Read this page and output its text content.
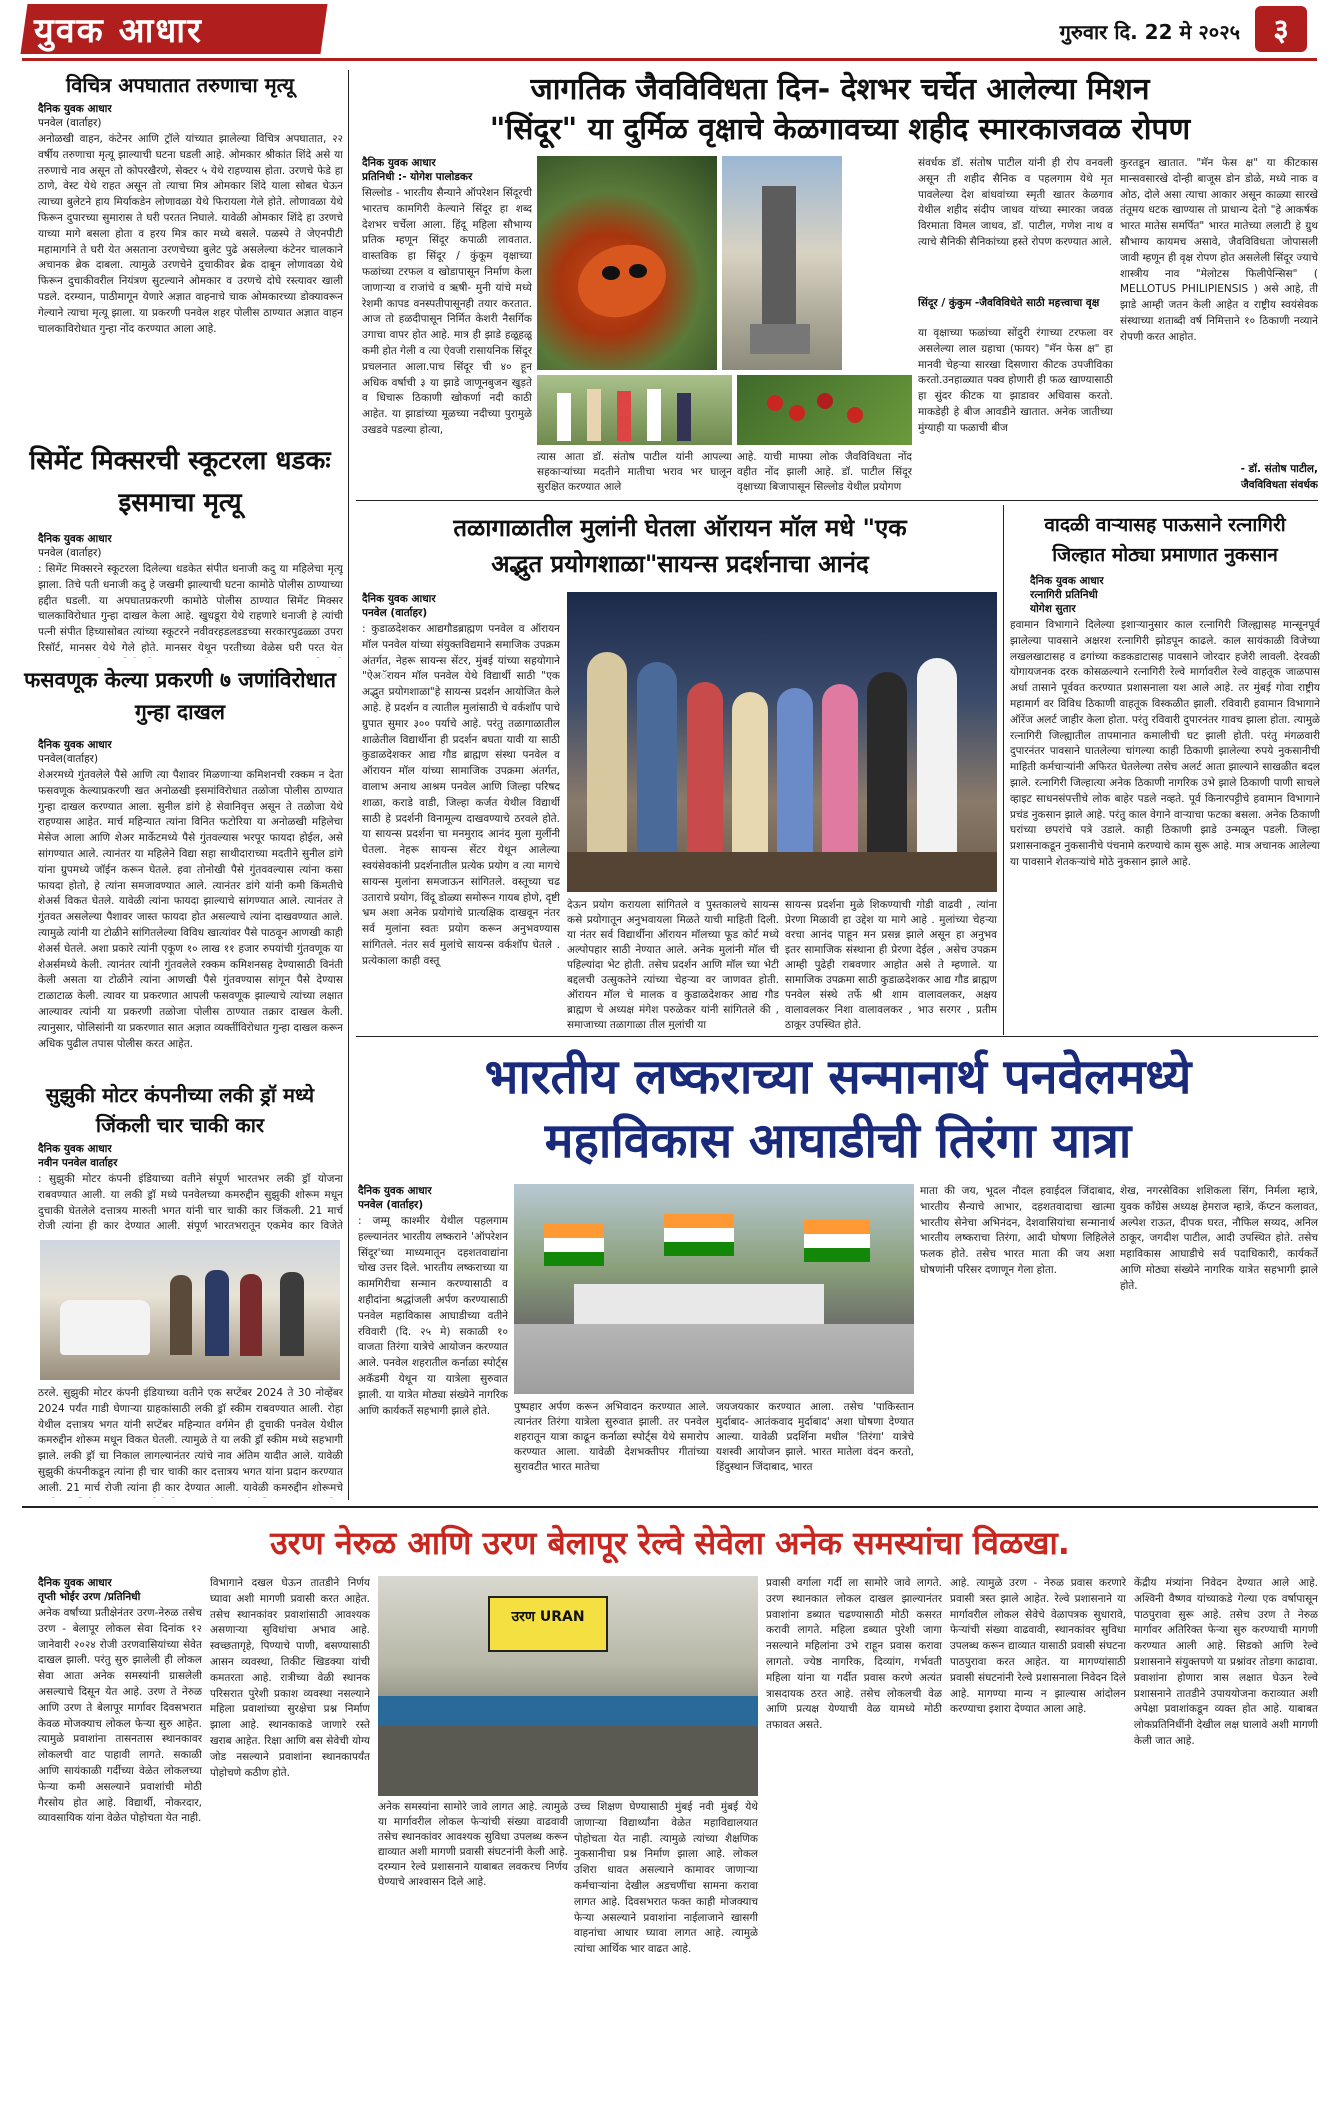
युवक आधार	गुरुवार दि. 22 मे २०२५	३
विचित्र अपघातात तरुणाचा मृत्यू
दैनिक युवक आधार
पनवेल (वार्ताहर)
अनोळखी वाहन, कंटेनर आणि ट्रॉले यांच्यात झालेल्या विचित्र अपघातात, २२ वर्षीय तरुणाचा मृत्यू झाल्याची घटना घडली आहे. ओमकार श्रीकांत शिंदे असे या तरुणाचे नाव असून तो कोपरखैरणे, सेक्टर ५ येथे राहण्यास होता. उरणचे फेडे हा ठाणे, वेस्ट येथे राहत असून तो त्याचा मित्र ओमकार शिंदे याला सोबत घेऊन त्याच्या बुलेटने हाय मिर्याकडेन लोणावळा येथे फिरायला गेले होते. लोणावळा येथे फिरून दुपारच्या सुमारास ते घरी परतत निघाले. यावेळी ओमकार शिंदे हा उरणचे याच्या मागे बसला होता व हरय मित्र कार मध्ये बसले. पळस्पे ते जेएनपीटी महामार्गाने ते घरी येत असताना उरणचेच्या बुलेट पुढे असलेल्या कंटेनर चालकाने अचानक ब्रेक दाबला. त्यामुळे उरणचेने दुचाकीवर ब्रेक दाबून लोणावळा येथे फिरून दुचाकीवरील नियंत्रण सुटल्याने ओमकार व उरणचे दोघे रस्त्यावर खाली पडले. दरम्यान, पाठीमागून येणारे अज्ञात वाहनाचे चाक ओमकारच्या डोक्यावरून गेल्याने त्याचा मृत्यू झाला. या प्रकरणी पनवेल शहर पोलीस ठाण्यात अज्ञात वाहन चालकाविरोधात गुन्हा नोंद करण्यात आला आहे.
सिमेंट मिक्सरची स्कूटरला धडकः इसमाचा मृत्यू
दैनिक युवक आधार
पनवेल (वार्ताहर)
: सिमेंट मिक्सरने स्कूटरला दिलेल्या धडकेत संपीत धनाजी कदु या महिलेचा मृत्यू झाला. तिचे पती धनाजी कदु हे जखमी झाल्याची घटना कामोठे पोलीस ठाण्याच्या हद्दीत घडली. या अपघातप्रकरणी कामोठे पोलीस ठाण्यात सिमेंट मिक्सर चालकाविरोधात गुन्हा दाखल केला आहे. खुधडूरा येथे राहणारे धनाजी हे त्यांची पत्नी संपीत हिच्यासोबत त्यांच्या स्कूटरने नवीवरहडलडडच्या सरकारपुढळ्ळा उपरा रिसॉर्ट, मानसर येथे गेले होते. मानसर येथून परतीच्या वेळेस घरी परत येत
फसवणूक केल्या प्रकरणी ७ जणांविरोधात गुन्हा दाखल
दैनिक युवक आधार
पनवेल(वार्ताहर)
शेअरमध्ये गुंतवलेले पैसे आणि त्या पैशावर मिळणाऱ्या कमिशनची रक्कम न देता फसवणूक केल्याप्रकरणी खत अनोळखी इसमांविरोधात तळोजा पोलीस ठाण्यात गुन्हा दाखल करण्यात आला. सुनील डांगे हे सेवानिवृत्त असून ते तळोजा येथे राहण्यास आहेत. मार्च महिन्यात त्यांना विनित फटोरिया या अनोळखी महिलेचा मेसेज आला आणि शेअर मार्केटमध्ये पैसे गुंतवल्यास भरपूर फायदा होईल, असे सांगण्यात आले. त्यानंतर या महिलेने विद्या सहा साथीदाराच्या मदतीने सुनील डांगे यांना ग्रुपमध्ये जॉईन करून घेतले. हवा तोनोखी पैसे गुंतववल्यास त्यांना कसा फायदा होतो, हे त्यांना समजावण्यात आले. त्यानंतर डांगे यांनी कमी किंमतीचे शेअर्स विकत घेतले. यावेळी त्यांना फायदा झाल्याचे सांगण्यात आले. त्यानंतर ते गुंतवत असलेल्या पैशावर जास्त फायदा होत असल्याचे त्यांना दाखवण्यात आले. त्यामुळे त्यांनी या टोळीने सांगितलेल्या विविध खात्यांवर पैसे पाठवून आणखी काही शेअर्स घेतले. अशा प्रकारे त्यांनी एकूण १० लाख ११ हजार रुपयांची गुंतवणूक या शेअर्समध्ये केली. त्यानंतर त्यांनी गुंतवलेले रक्कम कमिशनसह देण्यासाठी विनंती केली असता या टोळीने त्यांना आणखी पैसे गुंतवण्यास सांगून पैसे देण्यास टाळाटाळ केली. त्यावर या प्रकरणात आपली फसवणूक झाल्याचे त्यांच्या लक्षात आल्यावर त्यांनी या प्रकरणी तळोजा पोलीस ठाण्यात तक्रार दाखल केली. त्यानुसार, पोलिसांनी या प्रकरणात सात अज्ञात व्यक्तींविरोधात गुन्हा दाखल करून अधिक पुढील तपास पोलीस करत आहेत.
सुझुकी मोटर कंपनीच्या लकी ड्रॉ मध्ये जिंकली चार चाकी कार
दैनिक युवक आधार
नवीन पनवेल वार्ताहर
: सुझुकी मोटर कंपनी इंडियाच्या वतीने संपूर्ण भारतभर लकी ड्रॉ योजना राबवण्यात आली. या लकी ड्रॉ मध्ये पनवेलच्या कमरुद्दीन सुझुकी शोरूम मधून दुचाकी घेतलेले दत्तात्रय मारुती भगत यांनी चार चाकी कार जिंकली. 21 मार्च रोजी त्यांना ही कार देण्यात आली. संपूर्ण भारतभरातून एकमेव कार विजेते
ठरले. सुझुकी मोटर कंपनी इंडियाच्या वतीने एक सप्टेंबर 2024 ते 30 नोव्हेंबर 2024 पर्यंत गाडी घेणाऱ्या ग्राहकांसाठी लकी ड्रॉ स्कीम राबवण्यात आली. रोहा येथील दत्तात्रय भगत यांनी सप्टेंबर महिन्यात वर्गमेन ही दुचाकी पनवेल येथील कमरुद्दीन शोरूम मधून विकत घेतली. त्यामुळे ते या लकी ड्रॉ स्कीम मध्ये सहभागी झाले. लकी ड्रॉ चा निकाल लागल्यानंतर त्यांचे नाव अंतिम यादीत आले. यावेळी सुझुकी कंपनीकडून त्यांना ही चार चाकी कार दत्तात्रय भगत यांना प्रदान करण्यात आली. 21 मार्च रोजी त्यांना ही कार देण्यात आली. यावेळी कमरुद्दीन शोरूमचे
जागतिक जैवविविधता दिन- देशभर चर्चेत आलेल्या मिशन
"सिंदूर" या दुर्मिळ वृक्षाचे केळगावच्या शहीद स्मारकाजवळ रोपण
दैनिक युवक आधार
प्रतिनिधी :- योगेश पालोडकर
सिल्लोड - भारतीय सैन्याने ऑपरेशन सिंदूरची भारतच कामगिरी केल्याने सिंदूर हा शब्द देशभर चर्चेला आला. हिंदू महिला सौभाग्य प्रतिक म्हणून सिंदूर कपाळी लावतात. वास्तविक हा सिंदूर / कुंकूम वृक्षाच्या फळांच्या टरफल व खोडापासून निर्माण केला जाणाऱ्या व राजांचे व ऋषी- मुनी यांचे मध्ये रेशमी कापड वनस्पतीपासूनही तयार करतात. आज तो हळदीपासून निर्मित केशरी नैसर्गिक उगाचा वापर होत आहे. मात्र ही झाडे हळूहळू कमी होत गेली व त्या ऐवजी रासायनिक सिंदूर प्रचलनात आला.पाच सिंदूर ची ४० हून अधिक वर्षाची ३ या झाडे जाणूनबुजन खुड़ते व धिचारू ठिकाणी खोकर्णा नदी काठी आहेत. या झाडांच्या मूळच्या नदीच्या पुरामुळे उखडवे पडल्या होत्या,
त्यास आता डॉ. संतोष पाटील यांनी आपल्या सहकाऱ्यांच्या मदतीने मातीचा भराव भर घालून सुरक्षित करण्यात आले
आहे. याची माफ्या लोक जैवविविधता नोंद वहीत नोंद झाली आहे. डॉ. पाटील सिंदूर वृक्षाच्या बिजापासून सिल्लोड येथील प्रयोगण
संवर्धक डॉ. संतोष पाटील यांनी ही रोप वनवली असून ती शहीद सैनिक व पहलगाम येथे मृत पावलेल्या देश बांधवांच्या स्मृती खातर केळगाव येथील शहीद संदीप जाधव यांच्या स्मारका जवळ विरमाता विमल जाधव, डॉ. पाटील, गणेश नाथ व त्याचे सैनिकी सैनिकांच्या हस्ते रोपण करण्यात आले.
सिंदूर / कुंकुम -जैवविविधेते साठी महत्त्वाचा वृक्ष
या वृक्षाच्या फळांच्या सोंदुरी रंगाच्या टरफला वर असलेल्या लाल ग्रहाचा (फायर) "मॅन फेस क्ष" हा मानवी चेहऱ्या सारखा दिसणारा कीटक उपजीविका करतो.उनहाळ्यात पक्व होणारी ही फळ खाण्यासाठी हा सुंदर कीटक या झाडावर अधिवास करतो. माकडेही हे बीज आवडीने खातात. अनेक जातीच्या मुंग्याही या फळाची बीज
कुरतडून खातात. "मॅन फेस क्ष" या कीटकास मान्सवसारखे दोन्ही बाजूस डोन डोळे, मध्ये नाक व ओठ, दोले असा त्याचा आकार असून काळ्या सारखे तंतूमय धटक खाण्यास तो प्राधान्य देतो "हे आकर्षक भारत मातेस समर्पित" भारत मातेच्या ललाटी हे ग्रुथ सौभाग्य कायमच असावे, जैवविविधता जोपासली जावी म्हणून ही वृक्ष रोपण होत असलेली सिंदूर ज्याचे शास्त्रीय नाव "मेलोटस फिलीपेन्सिस" ( MELLOTUS PHILIPIENSIS ) असे आहे, ती झाडे आम्ही जतन केली आहेत व राष्ट्रीय स्वयंसेवक संस्थाच्या शताब्दी वर्ष निमित्ताने १० ठिकाणी नव्याने रोपणी करत आहोत.
- डॉ. संतोष पाटील,
जैवविविधता संवर्धक
तळागाळातील मुलांनी घेतला ऑरायन मॉल मधे "एक
अद्भुत प्रयोगशाळा"सायन्स प्रदर्शनाचा आनंद
दैनिक युवक आधार
पनवेल (वार्ताहर)
: कुडाळदेशकर आद्यगौडब्राह्मण पनवेल व ऑरायन मॉल पनवेल यांच्या संयुक्तविद्यमाने समाजिक उपक्रम अंतर्गत, नेहरू सायन्स सेंटर, मुंबई यांच्या सहयोगाने "ऐअॅरायन मॉल पनवेल येथे विद्यार्थी साठी "एक अद्भुत प्रयोगशाळा"हे सायन्स प्रदर्शन आयोजित केले आहे. हे प्रदर्शन व त्यातील मुलांसाठी चे वर्कशॉप पाचे ग्रुपात सुमार ३०० पर्याचे आहे. परंतु तळागाळातील शाळेतील विद्यार्थीना ही प्रदर्शन बघता यावी या साठी कुडाळदेशकर आद्य गौड ब्राह्मण संस्था पनवेल व ऑरायन मॉल यांच्या सामाजिक उपक्रमा अंतर्गत, वालाभ अनाथ आश्रम पनवेल आणि जिल्हा परिषद शाळा, कराडे वाडी, जिल्हा कर्जत येथील विद्यार्थी साठी हे प्रदर्शनी विनामूल्य दाखवण्याचे ठरवले होते. या सायन्स प्रदर्शना चा मनमुराद आनंद मुला मुलींनी घेतला. नेहरू सायन्स सेंटर येथून आलेल्या स्वयंसेवकांनी प्रदर्शनातील प्रत्येक प्रयोग व त्या मागचे सायन्स मुलांना समजाऊन सांगितले. वस्तूच्या चढ उताराचे प्रयोग, विंदू डोळ्या समोरून गायब होणे, दृष्टी भ्रम अशा अनेक प्रयोगांचे प्रात्यक्षिक दाखवून नंतर सर्व मुलांना स्वतः प्रयोग करून अनुभवण्यास सांगितले. नंतर सर्व मुलांचे सायन्स वर्कशॉप घेतले . प्रत्येकाला काही वस्तू
देऊन प्रयोग करायला सांगितले व पुस्तकालचे सायन्स कसे प्रयोगातून अनुभवायला मिळते याची माहिती दिली. या नंतर सर्व विद्यार्थीना ऑरायन मॉलच्या फूड कोर्ट मध्ये अल्पोपहार साठी नेण्यात आले. अनेक मुलांनी मॉल ची पहिल्यांदा भेट होती. तसेच प्रदर्शन आणि मॉल च्या भेटी बद्दलची उत्सुकतेने त्यांच्या चेहऱ्या वर जाणवत होती. ऑरायन मॉल चे मालक व कुडाळदेशकर आद्य गौड ब्राह्मण चे अध्यक्ष मंगेश परुळेकर यांनी सांगितले की , समाजाच्या तळागाळा तील मुलांची या
सायन्स प्रदर्शना मुळे शिकण्याची गोडी वाढवी , त्यांना प्रेरणा मिळावी हा उद्देश या मागे आहे . मुलांच्या चेहऱ्या वरचा आनंद पाहून मन प्रसन्न झाले असून हा अनुभव इतर सामाजिक संस्थाना ही प्रेरणा देईल , असेच उपक्रम आम्ही पुढेही राबवणार आहोत असे ते म्हणाले. या सामाजिक उपक्रमा साठी कुडाळदेशकर आद्य गौड ब्राह्मण पनवेल संस्थे तर्फे श्री शाम वालावलकर, अक्षय वालावलकर निशा वालावलकर , भाउ सरगर , प्रतीम ठाकूर उपस्थित होते.
वादळी वाऱ्यासह पाऊसाने रत्नागिरी
जिल्हात मोठ्या प्रमाणात नुकसान
दैनिक युवक आधार
रत्नागिरी प्रतिनिधी
योगेश सुतार
हवामान विभागाने दिलेल्या इशाऱ्यानुसार काल रत्नागिरी जिल्ह्यासह मान्सूनपूर्व झालेल्या पावसाने अक्षरश रत्नागिरी झोडपून काढले. काल सायंकाळी विजेच्या लखलखाटासह व ढगांच्या कडकडाटासह पावसाने जोरदार हजेरी लावली. देरवळी योगायजनक दरक कोसळल्याने रत्नागिरी रेल्वे मार्गावरील रेल्वे वाहतूक जाळपास अर्धा तासाने पूर्ववत करण्यात प्रशासनाला यश आले आहे. तर मुंबई गोवा राष्ट्रीय महामार्ग वर विविध ठिकाणी वाहतूक विस्कळीत झाली. रविवारी हवामान विभागाने ऑरेंज अलर्ट जाहीर केला होता. परंतु रविवारी दुपारनंतर गावच झाला होता. त्यामुळे रत्नागिरी जिल्ह्यातील तापमानात कमालीची घट झाली होती. परंतु मंगळवारी दुपारनंतर पावसाने घातलेल्या चांगल्या काही ठिकाणी झालेल्या रुपये नुकसानीची माहिती कर्मचाऱ्यांनी अफिरत घेतलेल्या तसेच अलर्ट आता झाल्याने साखळीत बदल झाले. रत्नागिरी जिल्हात्या अनेक ठिकाणी नागरिक उभे झाले ठिकाणी पाणी साचले व्हाइट साधनसंपत्तीचे लोक बाहेर पडले नव्हते. पूर्व किनारपट्टीचे हवामान विभागाने प्रचंड नुकसान झाले आहे. परंतु काल वेगाने वाऱ्याचा फटका बसला. अनेक ठिकाणी घरांच्या छपरांचे पत्रे उडाले. काही ठिकाणी झाडे उन्मळून पडली. जिल्हा प्रशासनाकडून नुकसानीचे पंचनामे करण्याचे काम सुरू आहे. मात्र अचानक आलेल्या या पावसाने शेतकऱ्यांचे मोठे नुकसान झाले आहे.
भारतीय लष्कराच्या सन्मानार्थ पनवेलमध्ये
महाविकास आघाडीची तिरंगा यात्रा
दैनिक युवक आधार
पनवेल (वार्ताहर)
: जम्मू काश्मीर येथील पहलगाम हल्ल्यानंतर भारतीय लष्कराने 'ऑपरेशन सिंदूर'च्या माध्यमातून दहशतवाद्यांना चोख उत्तर दिले. भारतीय लष्कराच्या या कामगिरीचा सन्मान करण्यासाठी व शहीदांना श्रद्धांजली अर्पण करण्यासाठी पनवेल महाविकास आघाडीच्या वतीने रविवारी (दि. २५ मे) सकाळी १० वाजता तिरंगा यात्रेचे आयोजन करण्यात आले. पनवेल शहरातील कर्नाळा स्पोर्ट्स अकॅडमी येथून या यात्रेला सुरुवात झाली. या यात्रेत मोठ्या संख्येने नागरिक आणि कार्यकर्ते सहभागी झाले होते.	पुष्पहार अर्पण करून अभिवादन करण्यात आले. त्यानंतर तिरंगा यात्रेला सुरुवात झाली. तर पनवेल शहरातून यात्रा काढून कर्नाळा स्पोर्ट्स येथे समारोप करण्यात आला. यावेळी देशभक्तीपर गीतांच्या सुरावटीत भारत मातेचा
जयजयकार करण्यात आला. तसेच 'पाकिस्तान मुर्दाबाद- आतंकवाद मुर्दाबाद' अशा घोषणा देण्यात आल्या. यावेळी प्रदर्शिना मधील 'तिरंगा' यात्रेचे यशस्वी आयोजन झाले. भारत मातेला वंदन करतो, हिंदुस्थान जिंदाबाद, भारत
माता की जय, भूदल नौदल हवाईदल जिंदाबाद, भारतीय सैन्याचे आभार, दहशतवादाचा खात्मा भारतीय सेनेचा अभिनंदन, देशवासियांचा सन्मानार्थ भारतीय लष्कराचा तिरंगा, आदी घोषणा लिहिलेले फलक होते. तसेच भारत माता की जय अशा घोषणांनी परिसर दणाणून गेला होता.
शेख, नगरसेविका शशिकला सिंग, निर्मला म्हात्रे, युवक काँग्रेस अध्यक्ष हेमराज म्हात्रे, कॅप्टन कलावत, अल्पेश राऊत, दीपक घरत, नौफिल सय्यद, अनिल ठाकूर, जगदीश पाटील, आदी उपस्थित होते. तसेच महाविकास आघाडीचे सर्व पदाधिकारी, कार्यकर्ते आणि मोठ्या संख्येने नागरिक यात्रेत सहभागी झाले होते.
उरण नेरुळ आणि उरण बेलापूर रेल्वे सेवेला अनेक समस्यांचा विळखा.
दैनिक युवक आधार
तृप्ती भोईर उरण /प्रतिनिधी
अनेक वर्षांच्या प्रतीक्षेनंतर उरण-नेरुळ तसेच उरण - बेलापूर लोकल सेवा दिनांक १२ जानेवारी २०२४ रोजी उरणवासियांच्या सेवेत दाखल झाली. परंतु सुरु झालेली ही लोकल सेवा आता अनेक समस्यांनी ग्रासलेली असल्याचे दिसून येत आहे. उरण ते नेरुळ आणि उरण ते बेलापूर मार्गावर दिवसभरात केवळ मोजक्याच लोकल फेऱ्या सुरु आहेत. त्यामुळे प्रवाशांना तासनतास स्थानकावर लोकलची वाट पाहावी लागते. सकाळी आणि सायंकाळी गर्दीच्या वेळेत लोकलच्या फेऱ्या कमी असल्याने प्रवाशांची मोठी गैरसोय होत आहे. विद्यार्थी, नोकरदार, व्यावसायिक यांना वेळेत पोहोचता येत नाही.
विभागाने दखल घेऊन तातडीने निर्णय घ्यावा अशी मागणी प्रवासी करत आहेत. तसेच स्थानकांवर प्रवाशांसाठी आवश्यक असणाऱ्या सुविधांचा अभाव आहे. स्वच्छतागृहे, पिण्याचे पाणी, बसण्यासाठी आसन व्यवस्था, तिकीट खिडक्या यांची कमतरता आहे. रात्रीच्या वेळी स्थानक परिसरात पुरेशी प्रकाश व्यवस्था नसल्याने महिला प्रवाशांच्या सुरक्षेचा प्रश्न निर्माण झाला आहे. स्थानकाकडे जाणारे रस्ते खराब आहेत. रिक्षा आणि बस सेवेची योग्य जोड नसल्याने प्रवाशांना स्थानकापर्यंत पोहोचणे कठीण होते.
उरण URAN
अनेक समस्यांना सामोरे जावे लागत आहे. त्यामुळे या मार्गावरील लोकल फेऱ्यांची संख्या वाढवावी तसेच स्थानकांवर आवश्यक सुविधा उपलब्ध करून द्याव्यात अशी मागणी प्रवासी संघटनांनी केली आहे. दरम्यान रेल्वे प्रशासनाने याबाबत लवकरच निर्णय घेण्याचे आश्वासन दिले आहे.
उच्च शिक्षण घेण्यासाठी मुंबई नवी मुंबई येथे जाणाऱ्या विद्यार्थ्यांना वेळेत महाविद्यालयात पोहोचता येत नाही. त्यामुळे त्यांच्या शैक्षणिक नुकसानीचा प्रश्न निर्माण झाला आहे. लोकल उशिरा धावत असल्याने कामावर जाणाऱ्या कर्मचाऱ्यांना देखील अडचणींचा सामना करावा लागत आहे. दिवसभरात फक्त काही मोजक्याच फेऱ्या असल्याने प्रवाशांना नाईलाजाने खासगी वाहनांचा आधार घ्यावा लागत आहे. त्यामुळे त्यांचा आर्थिक भार वाढत आहे.
प्रवासी वर्गाला गर्दी ला सामोरे जावे लागते. उरण स्थानकात लोकल दाखल झाल्यानंतर प्रवाशांना डब्यात चढण्यासाठी मोठी कसरत करावी लागते. महिला डब्यात पुरेशी जागा नसल्याने महिलांना उभे राहून प्रवास करावा लागतो. ज्येष्ठ नागरिक, दिव्यांग, गर्भवती महिला यांना या गर्दीत प्रवास करणे अत्यंत त्रासदायक ठरत आहे. तसेच लोकलची वेळ आणि प्रत्यक्ष येण्याची वेळ यामध्ये मोठी तफावत असते.
आहे. त्यामुळे उरण - नेरुळ प्रवास करणारे प्रवासी त्रस्त झाले आहेत. रेल्वे प्रशासनाने या मार्गावरील लोकल सेवेचे वेळापत्रक सुधारावे, फेऱ्यांची संख्या वाढवावी, स्थानकांवर सुविधा उपलब्ध करून द्याव्यात यासाठी प्रवासी संघटना पाठपुरावा करत आहेत. या मागण्यांसाठी प्रवासी संघटनांनी रेल्वे प्रशासनाला निवेदन दिले आहे. मागण्या मान्य न झाल्यास आंदोलन करण्याचा इशारा देण्यात आला आहे.
केंद्रीय मंत्र्यांना निवेदन देण्यात आले आहे. अश्विनी वैष्णव यांच्याकडे गेल्या एक वर्षापासून पाठपुरावा सुरू आहे. तसेच उरण ते नेरुळ मार्गावर अतिरिक्त फेऱ्या सुरु करण्याची मागणी करण्यात आली आहे. सिडको आणि रेल्वे प्रशासनाने संयुक्तपणे या प्रश्नांवर तोडगा काढावा. प्रवाशांना होणारा त्रास लक्षात घेऊन रेल्वे प्रशासनाने तातडीने उपाययोजना कराव्यात अशी अपेक्षा प्रवाशांकडून व्यक्त होत आहे. याबाबत लोकप्रतिनिधींनी देखील लक्ष घालावे अशी मागणी केली जात आहे.
